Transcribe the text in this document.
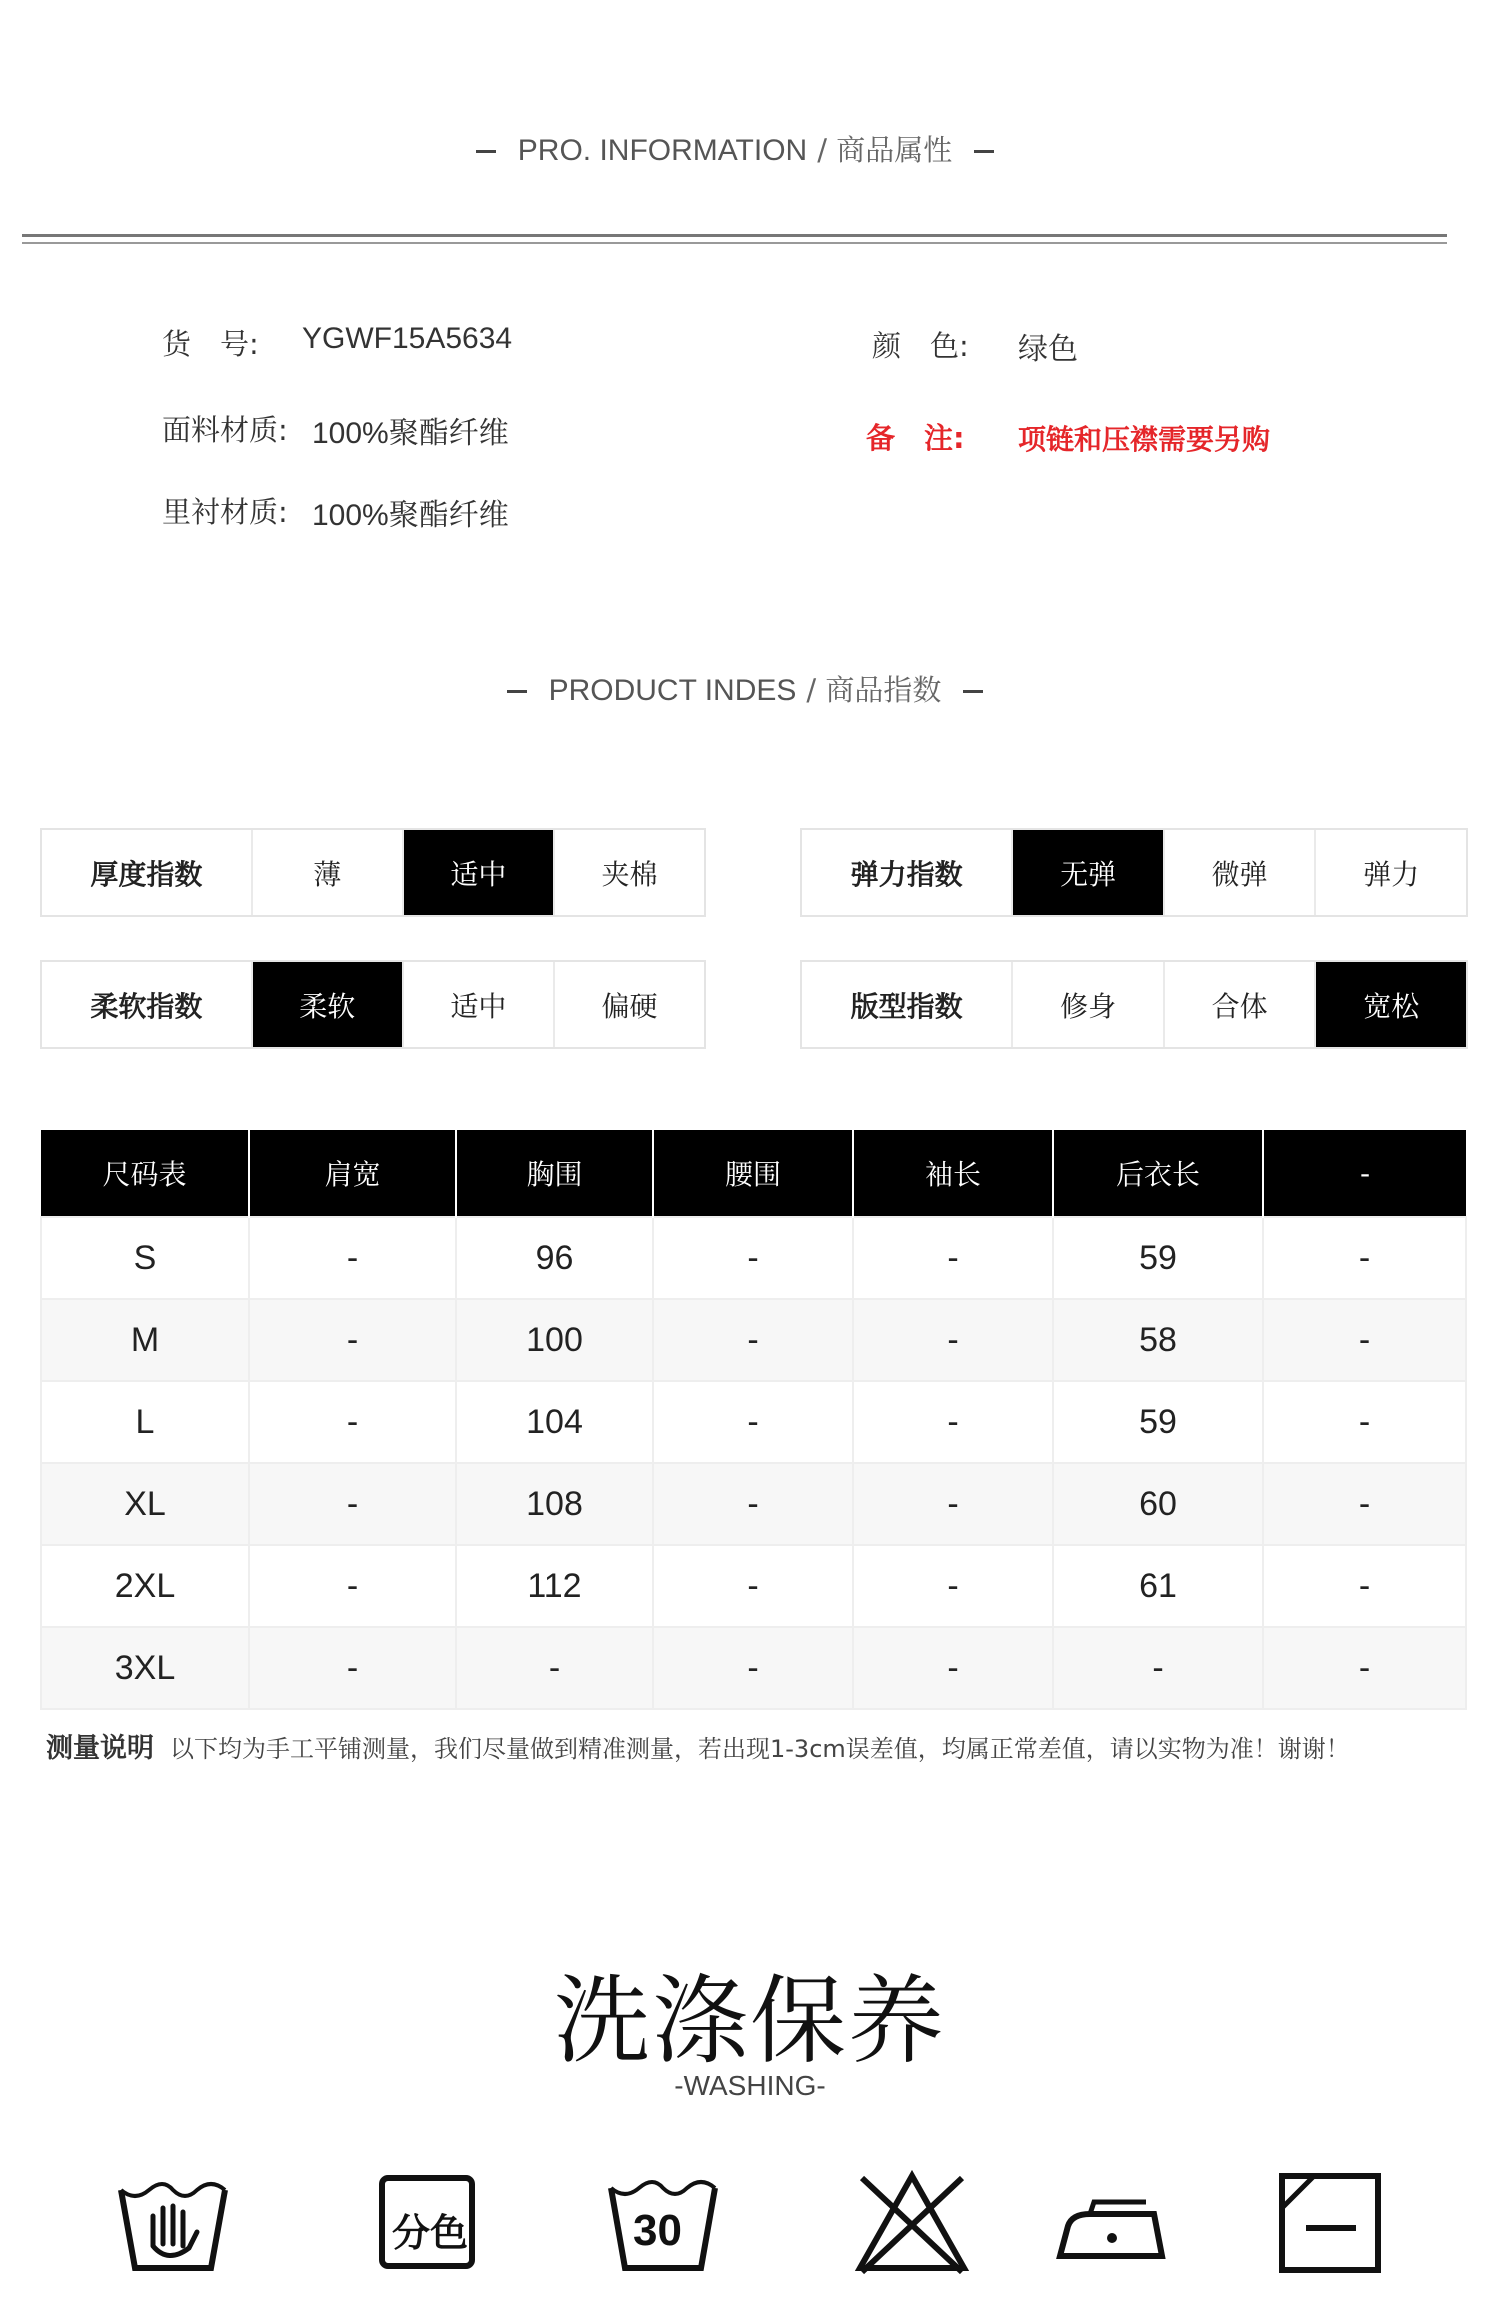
PRO. INFORMATION / 商品属性
货　号: YGWF15A5634
面料材质: 100%聚酯纤维
里衬材质: 100%聚酯纤维
颜　色: 绿色
备　注: 项链和压襟需要另购
PRODUCT INDES / 商品指数
厚度指数	薄	适中	夹棉	弹力指数	无弹	微弹	弹力
柔软指数	柔软	适中	偏硬	版型指数	修身	合体	宽松
尺码表	肩宽	胸围	腰围	袖长	后衣长	-
S	-	96	-	-	59	-
M	-	100	-	-	58	-
L	-	104	-	-	59	-
XL	-	108	-	-	60	-
2XL	-	112	-	-	61	-
3XL	-	-	-	-	-	-
测量说明 以下均为手工平铺测量，我们尽量做到精准测量，若出现1-3cm误差值，均属正常差值，请以实物为准！谢谢！
洗涤保养
-WASHING-
分色	30
